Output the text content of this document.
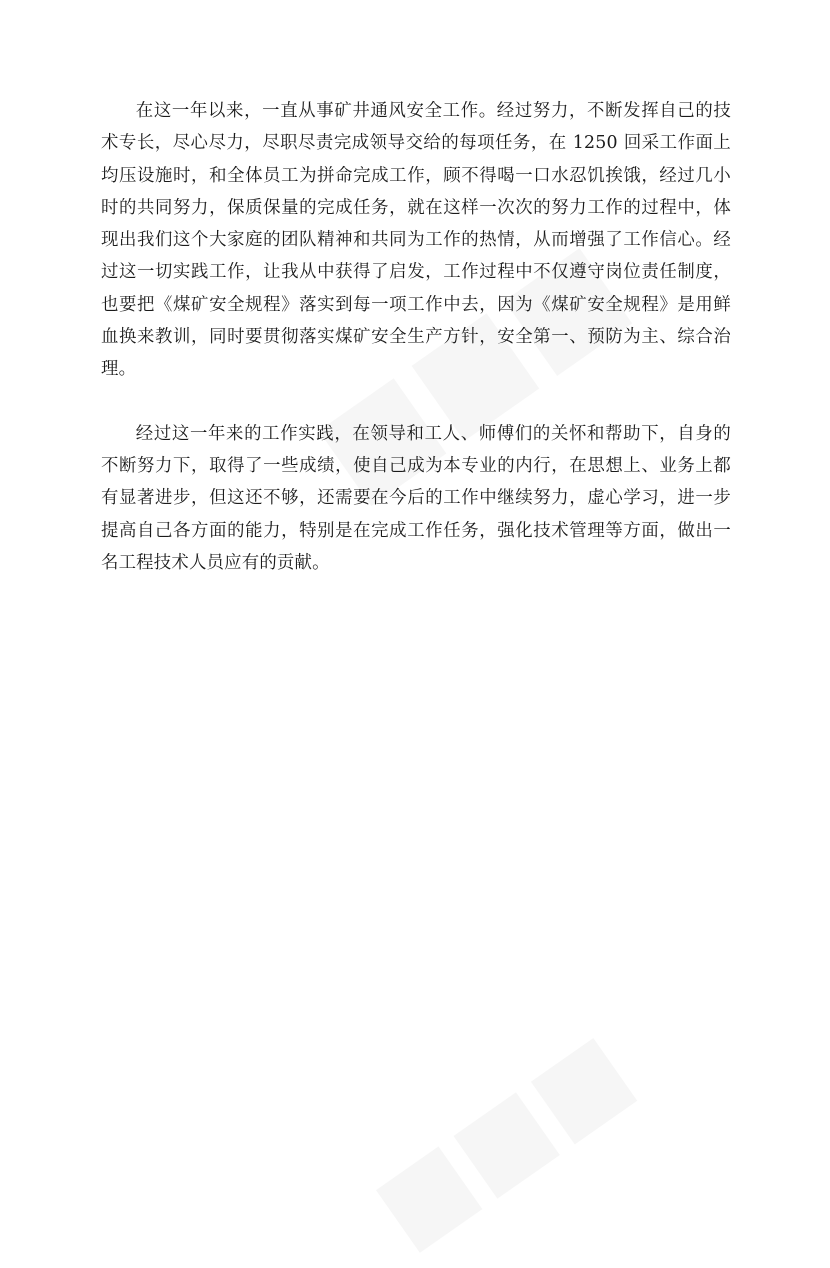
在这一年以来，一直从事矿井通风安全工作。经过努力，不断发挥自己的技术专长，尽心尽力，尽职尽责完成领导交给的每项任务，在 1250 回采工作面上均压设施时，和全体员工为拼命完成工作，顾不得喝一口水忍饥挨饿，经过几小时的共同努力，保质保量的完成任务，就在这样一次次的努力工作的过程中，体现出我们这个大家庭的团队精神和共同为工作的热情，从而增强了工作信心。经过这一切实践工作，让我从中获得了启发，工作过程中不仅遵守岗位责任制度，也要把《煤矿安全规程》落实到每一项工作中去，因为《煤矿安全规程》是用鲜血换来教训，同时要贯彻落实煤矿安全生产方针，安全第一、预防为主、综合治理。

经过这一年来的工作实践，在领导和工人、师傅们的关怀和帮助下，自身的不断努力下，取得了一些成绩，使自己成为本专业的内行，在思想上、业务上都有显著进步，但这还不够，还需要在今后的工作中继续努力，虚心学习，进一步提高自己各方面的能力，特别是在完成工作任务，强化技术管理等方面，做出一名工程技术人员应有的贡献。
